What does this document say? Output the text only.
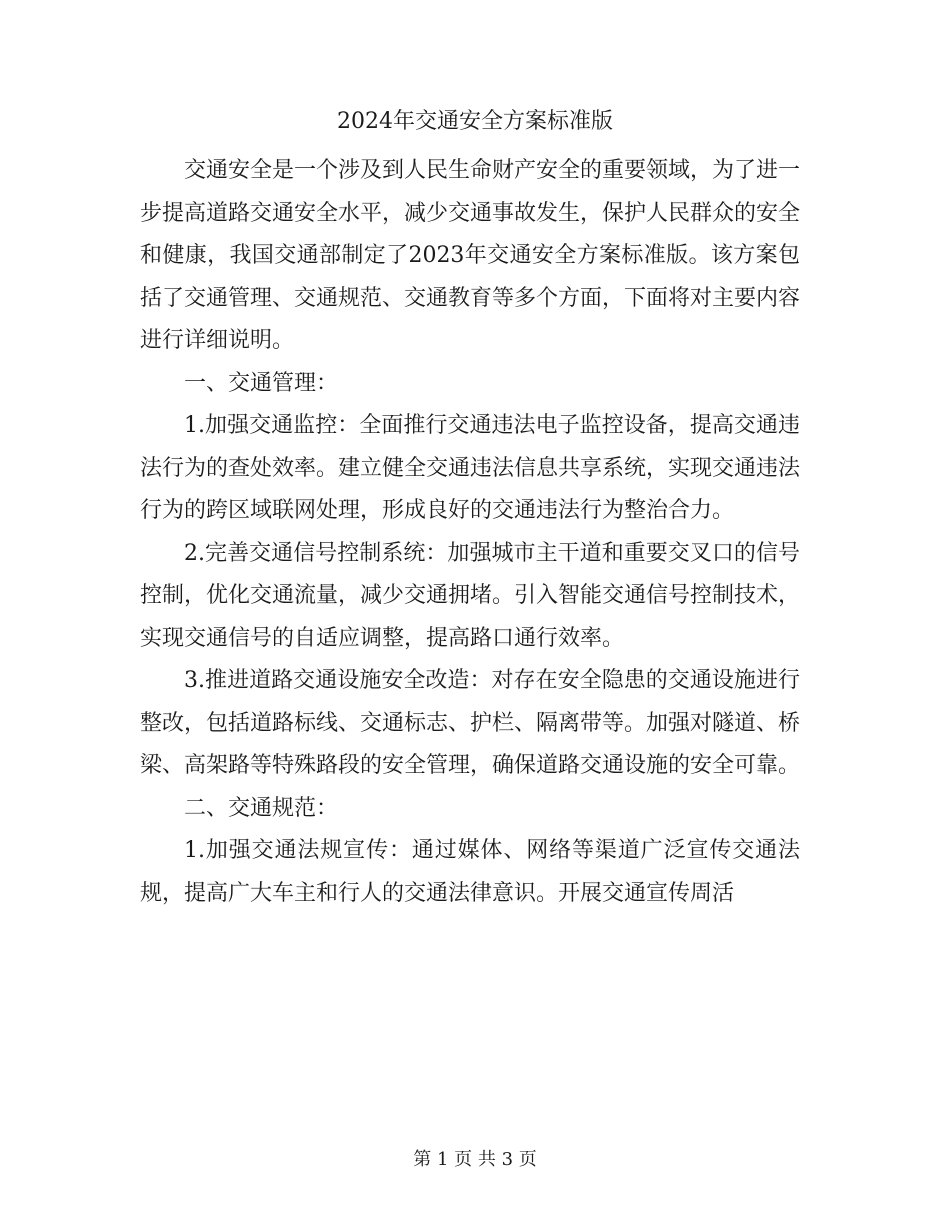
2024年交通安全方案标准版

交通安全是一个涉及到人民生命财产安全的重要领域，为了进一步提高道路交通安全水平，减少交通事故发生，保护人民群众的安全和健康，我国交通部制定了2023年交通安全方案标准版。该方案包括了交通管理、交通规范、交通教育等多个方面，下面将对主要内容进行详细说明。

一、交通管理：

1.加强交通监控：全面推行交通违法电子监控设备，提高交通违法行为的查处效率。建立健全交通违法信息共享系统，实现交通违法行为的跨区域联网处理，形成良好的交通违法行为整治合力。

2.完善交通信号控制系统：加强城市主干道和重要交叉口的信号控制，优化交通流量，减少交通拥堵。引入智能交通信号控制技术，实现交通信号的自适应调整，提高路口通行效率。

3.推进道路交通设施安全改造：对存在安全隐患的交通设施进行整改，包括道路标线、交通标志、护栏、隔离带等。加强对隧道、桥梁、高架路等特殊路段的安全管理，确保道路交通设施的安全可靠。

二、交通规范：

1.加强交通法规宣传：通过媒体、网络等渠道广泛宣传交通法规，提高广大车主和行人的交通法律意识。开展交通宣传周活

第 1 页 共 3 页
